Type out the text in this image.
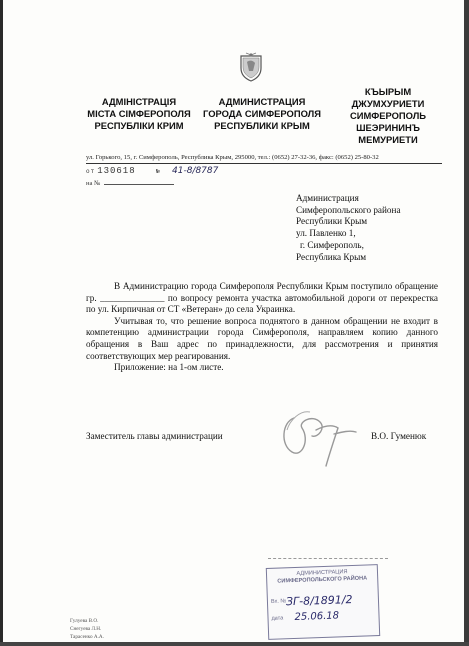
АДМІНІСТРАЦІЯ
МІСТА СІМФЕРОПОЛЯ
РЕСПУБЛІКИ КРИМ
АДМИНИСТРАЦИЯ
ГОРОДА СИМФЕРОПОЛЯ
РЕСПУБЛИКИ КРЫМ
КЪЫРЫМ
ДЖУМХУРИЕТИ
СИМФЕРОПОЛЬ
ШЕЭРИНИНЪ
МЕМУРИЕТИ
ул. Горького, 15, г. Симферополь, Республика Крым, 295000, тел.: (0652) 27-32-36, факс: (0652) 25-80-32
от 130618	№ 41-8/8787
на №
Администрация
Симферопольского района
Республики Крым
ул. Павленко 1,
г. Симферополь,
Республика Крым

В Администрацию города Симферополя Республики Крым поступило обращение гр. ______________ по вопросу ремонта участка автомобильной дороги от перекрестка по ул. Кирпичная от СТ «Ветеран» до села Украинка.

Учитывая то, что решение вопроса поднятого в данном обращении не входит в компетенцию администрации города Симферополя, направляем копию данного обращения в Ваш адрес по принадлежности, для рассмотрения и принятия соответствующих мер реагирования.

Приложение: на 1-ом листе.

Заместитель главы администрации	В.О. Гуменюк
АДМИНИСТРАЦИЯ
СИМФЕРОПОЛЬСКОГО РАЙОНА
Вх. № ЗГ-8/1891/2
дата 25.06.18
Гулуева В.О.
Снегуева Л.Н.
Тарасенко А.А.
